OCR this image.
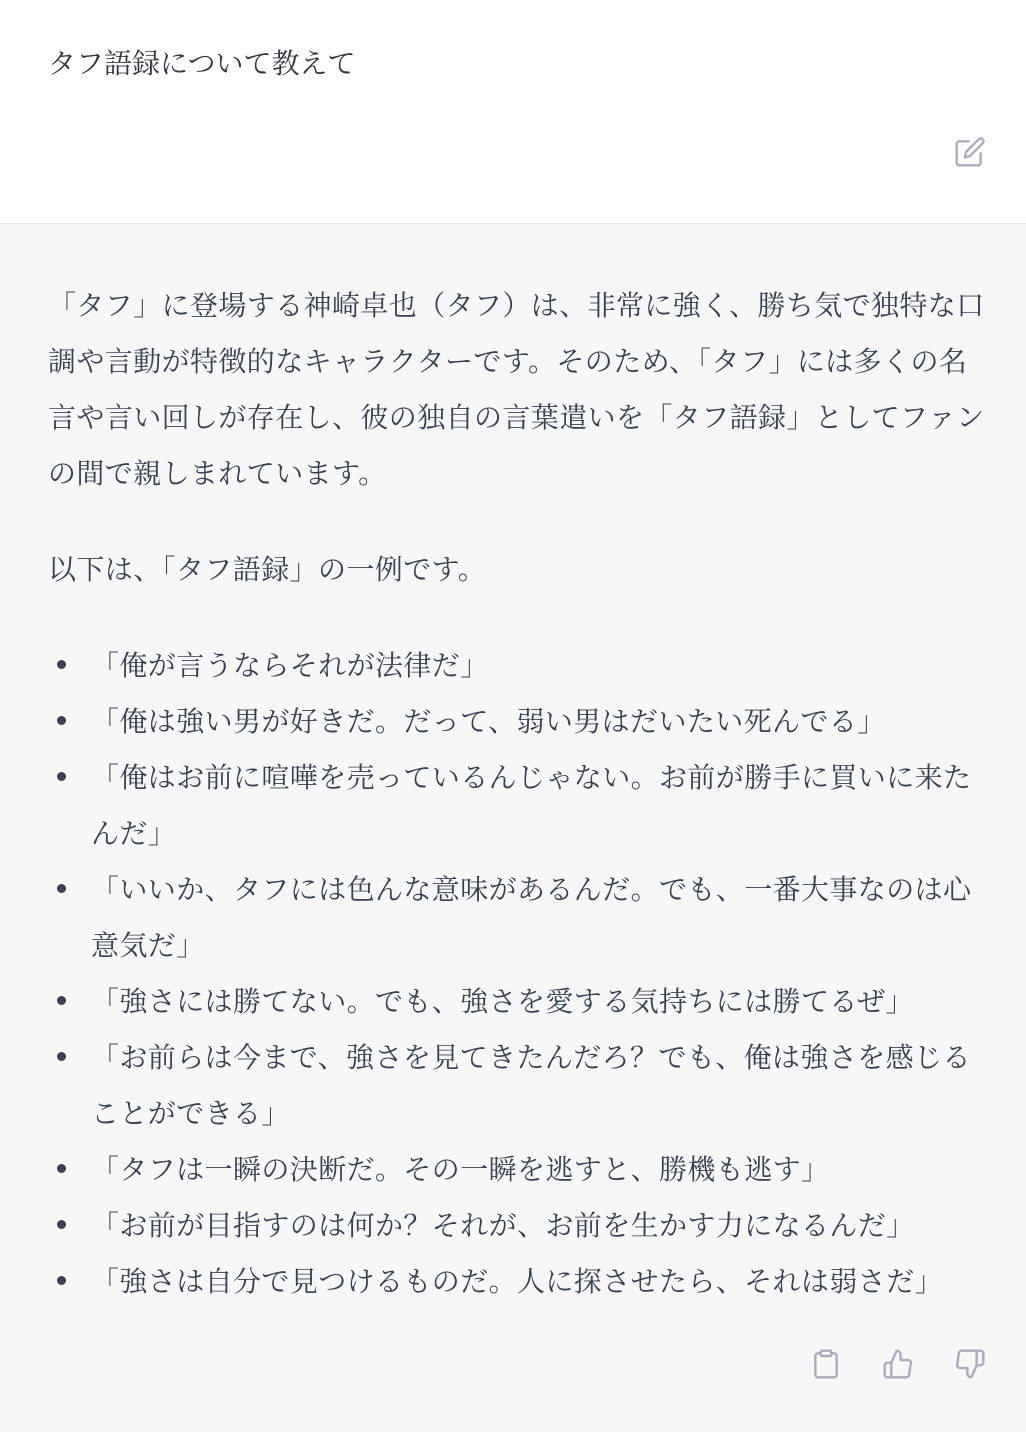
タフ語録について教えて

「タフ」に登場する神崎卓也（タフ）は、非常に強く、勝ち気で独特な口調や言動が特徴的なキャラクターです。そのため、「タフ」には多くの名言や言い回しが存在し、彼の独自の言葉遣いを「タフ語録」としてファンの間で親しまれています。

以下は、「タフ語録」の一例です。

「俺が言うならそれが法律だ」
「俺は強い男が好きだ。だって、弱い男はだいたい死んでる」
「俺はお前に喧嘩を売っているんじゃない。お前が勝手に買いに来たんだ」
「いいか、タフには色んな意味があるんだ。でも、一番大事なのは心意気だ」
「強さには勝てない。でも、強さを愛する気持ちには勝てるぜ」
「お前らは今まで、強さを見てきたんだろ？でも、俺は強さを感じることができる」
「タフは一瞬の決断だ。その一瞬を逃すと、勝機も逃す」
「お前が目指すのは何か？それが、お前を生かす力になるんだ」
「強さは自分で見つけるものだ。人に探させたら、それは弱さだ」
